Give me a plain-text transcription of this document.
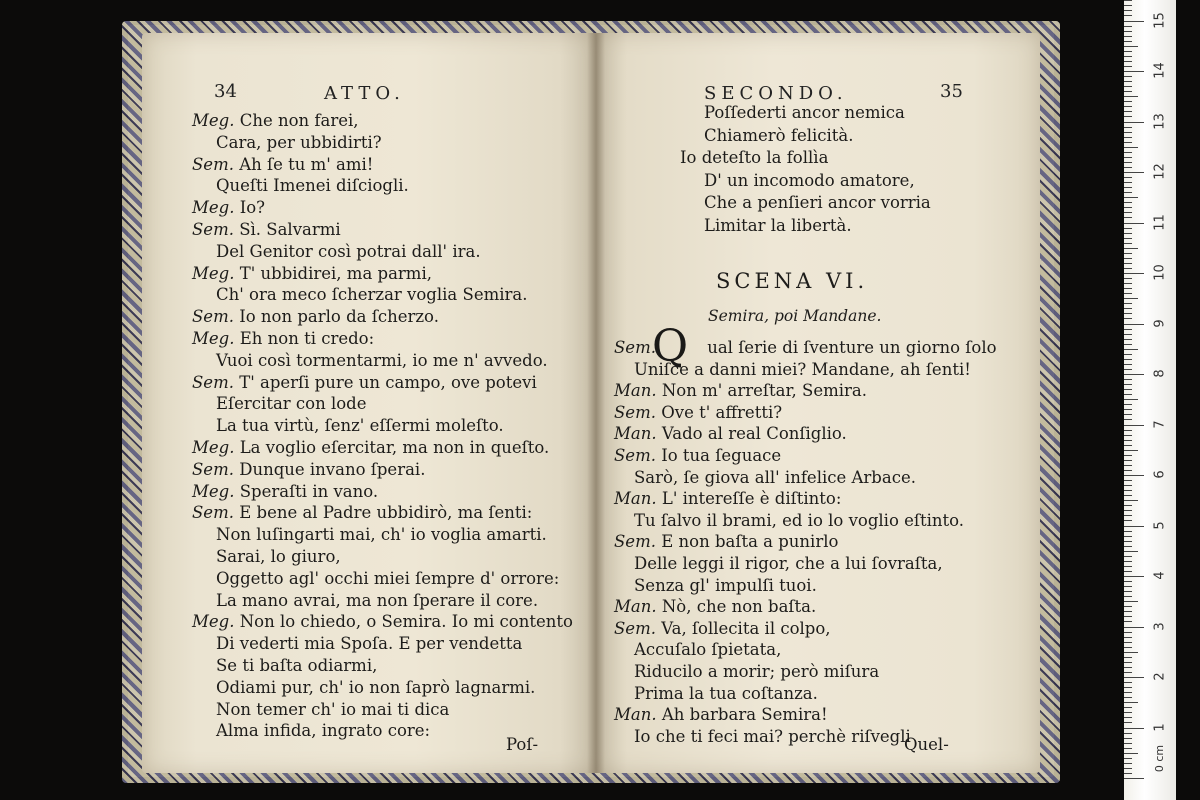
34	ATTO.
Meg. Che non farei,
Cara, per ubbidirti?
Sem. Ah ſe tu m' ami!
Queſti Imenei diſciogli.
Meg. Io?
Sem. Sì. Salvarmi
Del Genitor così potrai dall' ira.
Meg. T' ubbidirei, ma parmi,
Ch' ora meco ſcherzar voglia Semira.
Sem. Io non parlo da ſcherzo.
Meg. Eh non ti credo:
Vuoi così tormentarmi, io me n' avvedo.
Sem. T' aperſi pure un campo, ove potevi
Eſercitar con lode
La tua virtù, ſenz' eſſermi moleſto.
Meg. La voglio eſercitar, ma non in queſto.
Sem. Dunque invano ſperai.
Meg. Speraſti in vano.
Sem. E bene al Padre ubbidirò, ma ſenti:
Non luſingarti mai, ch' io voglia amarti.
Sarai, lo giuro,
Oggetto agl' occhi miei ſempre d' orrore:
La mano avrai, ma non ſperare il core.
Meg. Non lo chiedo, o Semira. Io mi contento
Di vederti mia Spoſa. E per vendetta
Se ti baſta odiarmi,
Odiami pur, ch' io non ſaprò lagnarmi.
Non temer ch' io mai ti dica
Alma infida, ingrato core:
Poſ-
SECONDO.	35
Poſſederti ancor nemica
Chiamerò felicità.
Io deteſto la follìa
D' un incomodo amatore,
Che a penſieri ancor vorria
Limitar la libertà.
SCENA VI.
Semira, poi Mandane.
Q
Sem.	ual ſerie di ſventure un giorno ſolo
Uniſce a danni miei? Mandane, ah ſenti!
Man. Non m' arreſtar, Semira.
Sem. Ove t' affretti?
Man. Vado al real Conſiglio.
Sem. Io tua ſeguace
Sarò, ſe giova all' infelice Arbace.
Man. L' intereſſe è diſtinto:
Tu ſalvo il brami, ed io lo voglio eſtinto.
Sem. E non baſta a punirlo
Delle leggi il rigor, che a lui ſovraſta,
Senza gl' impulſi tuoi.
Man. Nò, che non baſta.
Sem. Va, ſollecita il colpo,
Accuſalo ſpietata,
Riducilo a morir; però miſura
Prima la tua coſtanza.
Man. Ah barbara Semira!
Io che ti feci mai? perchè riſvegli
Quel-
0 cm
1
2
3
4
5
6
7
8
9
10
11
12
13
14
15
